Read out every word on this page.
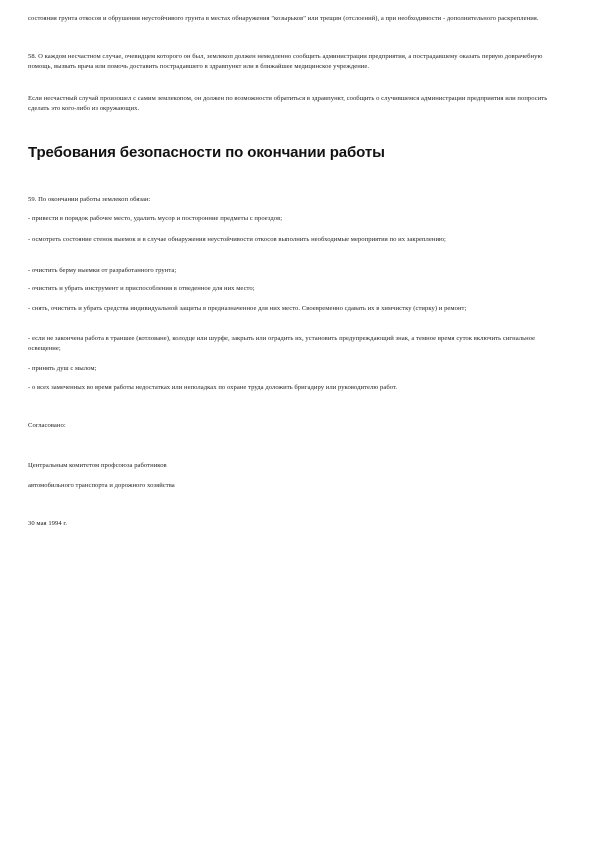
состояния грунта откосов и обрушения неустойчивого грунта в местах обнаружения "козырьков" или трещин (отслоений), а при необходимости - дополнительного раскрепления.

58. О каждом несчастном случае, очевидцем которого он был, землекоп должен немедленно сообщить администрации предприятия, а пострадавшему оказать первую доврачебную помощь, вызвать врача или помочь доставить пострадавшего в здравпункт или в ближайшее медицинское учреждение.

Если несчастный случай произошел с самим землекопом, он должен по возможности обратиться в здравпункт, сообщить о случившемся администрации предприятия или попросить сделать это кого-либо из окружающих.

Требования безопасности по окончании работы

59. По окончании работы землекоп обязан:

- привести в порядок рабочее место, удалить мусор и посторонние предметы с проездов;

- осмотреть состояние стенок выемок и в случае обнаружения неустойчивости откосов выполнить необходимые мероприятия по их закреплению;

- очистить берму выемки от разработанного грунта;

- очистить и убрать инструмент и приспособления в отведенное для них место;

- снять, очистить и убрать средства индивидуальной защиты в предназначенное для них место. Своевременно сдавать их в химчистку (стирку) и ремонт;

- если не закончена работа в траншее (котловане), колодце или шурфе, закрыть или оградить их, установить предупреждающий знак, а темное время суток включить сигнальное освещение;

- принять душ с мылом;

- о всех замеченных во время работы недостатках или неполадках по охране труда доложить бригадиру или руководителю работ.

Согласовано:

Центральным комитетом профсоюза работников

автомобильного транспорта и дорожного хозяйства

30 мая 1994 г.
